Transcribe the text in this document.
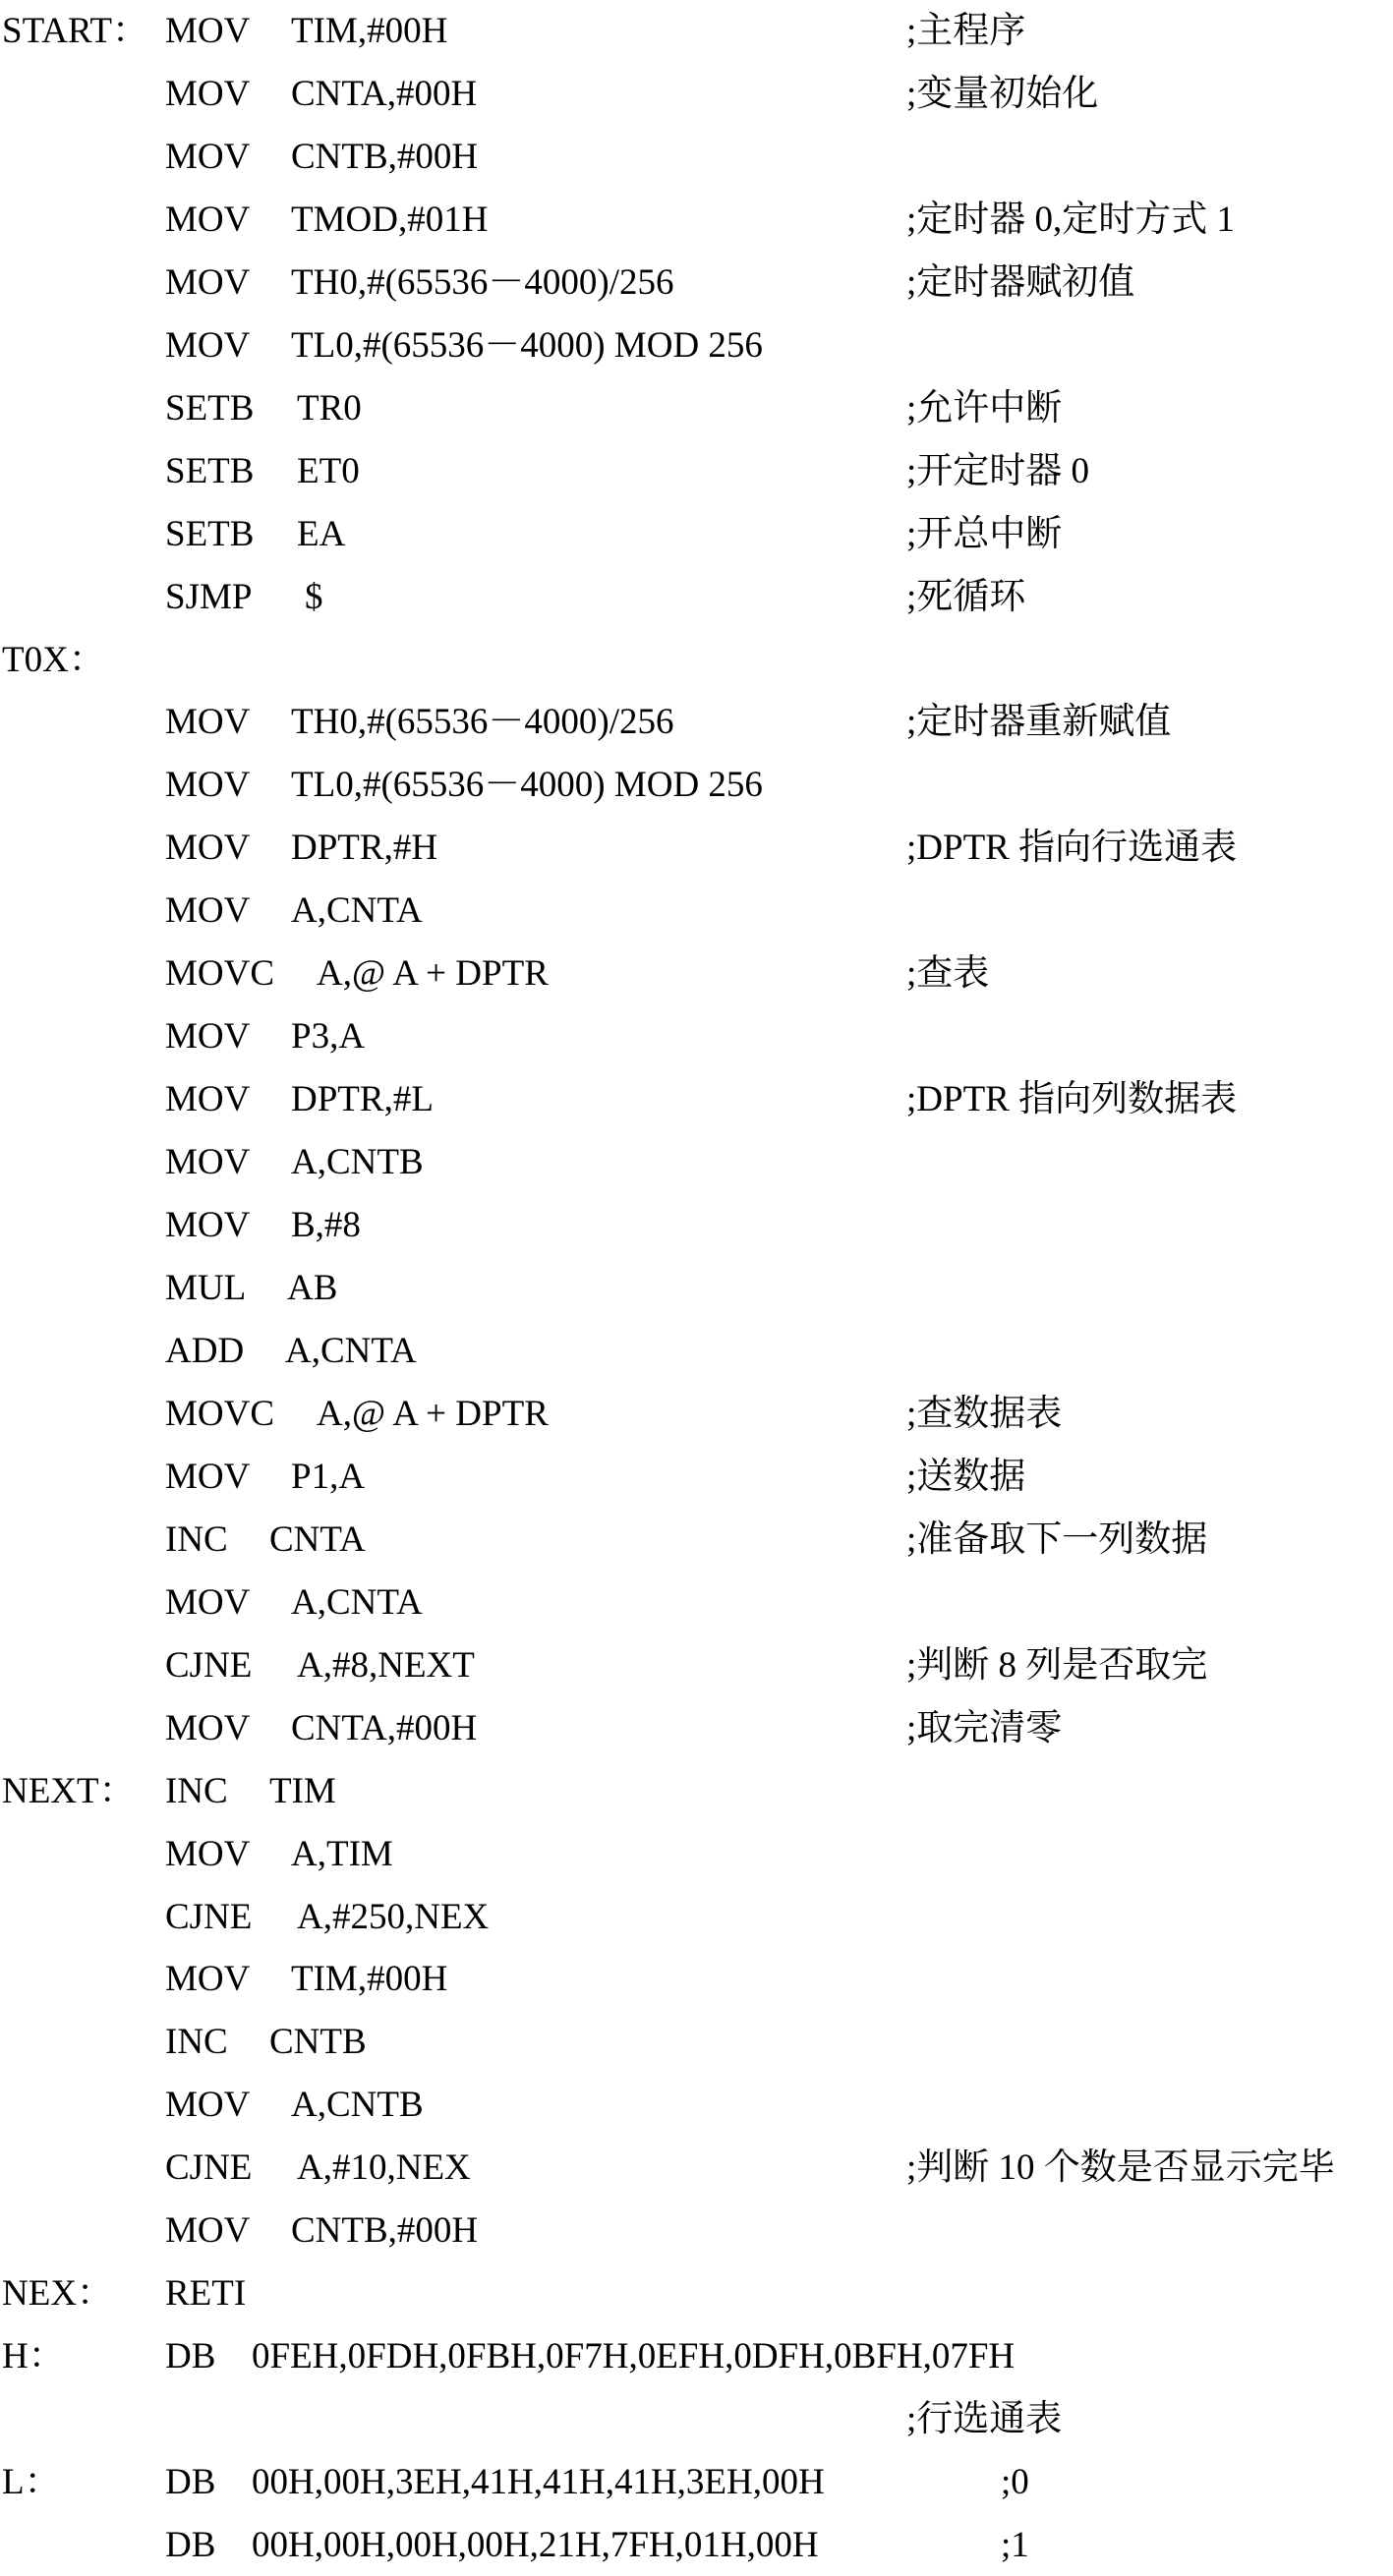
START： MOV TIM,#00H	;主程序
MOV CNTA,#00H	;变量初始化
MOV CNTB,#00H
MOV TMOD,#01H	;定时器 0,定时方式 1
MOV TH0,#(65536－4000)/256	;定时器赋初值
MOV TL0,#(65536－4000) MOD 256
SETB TR0	;允许中断
SETB ET0	;开定时器 0
SETB EA	;开总中断
SJMP $	;死循环
T0X：
MOV TH0,#(65536－4000)/256	;定时器重新赋值
MOV TL0,#(65536－4000) MOD 256
MOV DPTR,#H	;DPTR 指向行选通表
MOV A,CNTA
MOVC A,@ A + DPTR	;查表
MOV P3,A
MOV DPTR,#L	;DPTR 指向列数据表
MOV A,CNTB
MOV B,#8
MUL AB
ADD A,CNTA
MOVC A,@ A + DPTR	;查数据表
MOV P1,A	;送数据
INC CNTA	;准备取下一列数据
MOV A,CNTA
CJNE A,#8,NEXT	;判断 8 列是否取完
MOV CNTA,#00H	;取完清零
NEXT： INC TIM
MOV A,TIM
CJNE A,#250,NEX
MOV TIM,#00H
INC CNTB
MOV A,CNTB
CJNE A,#10,NEX	;判断 10 个数是否显示完毕
MOV CNTB,#00H
NEX： RETI
H：	DB 0FEH,0FDH,0FBH,0F7H,0EFH,0DFH,0BFH,07FH
;行选通表
L：	DB 00H,00H,3EH,41H,41H,41H,3EH,00H	;0
DB 00H,00H,00H,00H,21H,7FH,01H,00H	;1
